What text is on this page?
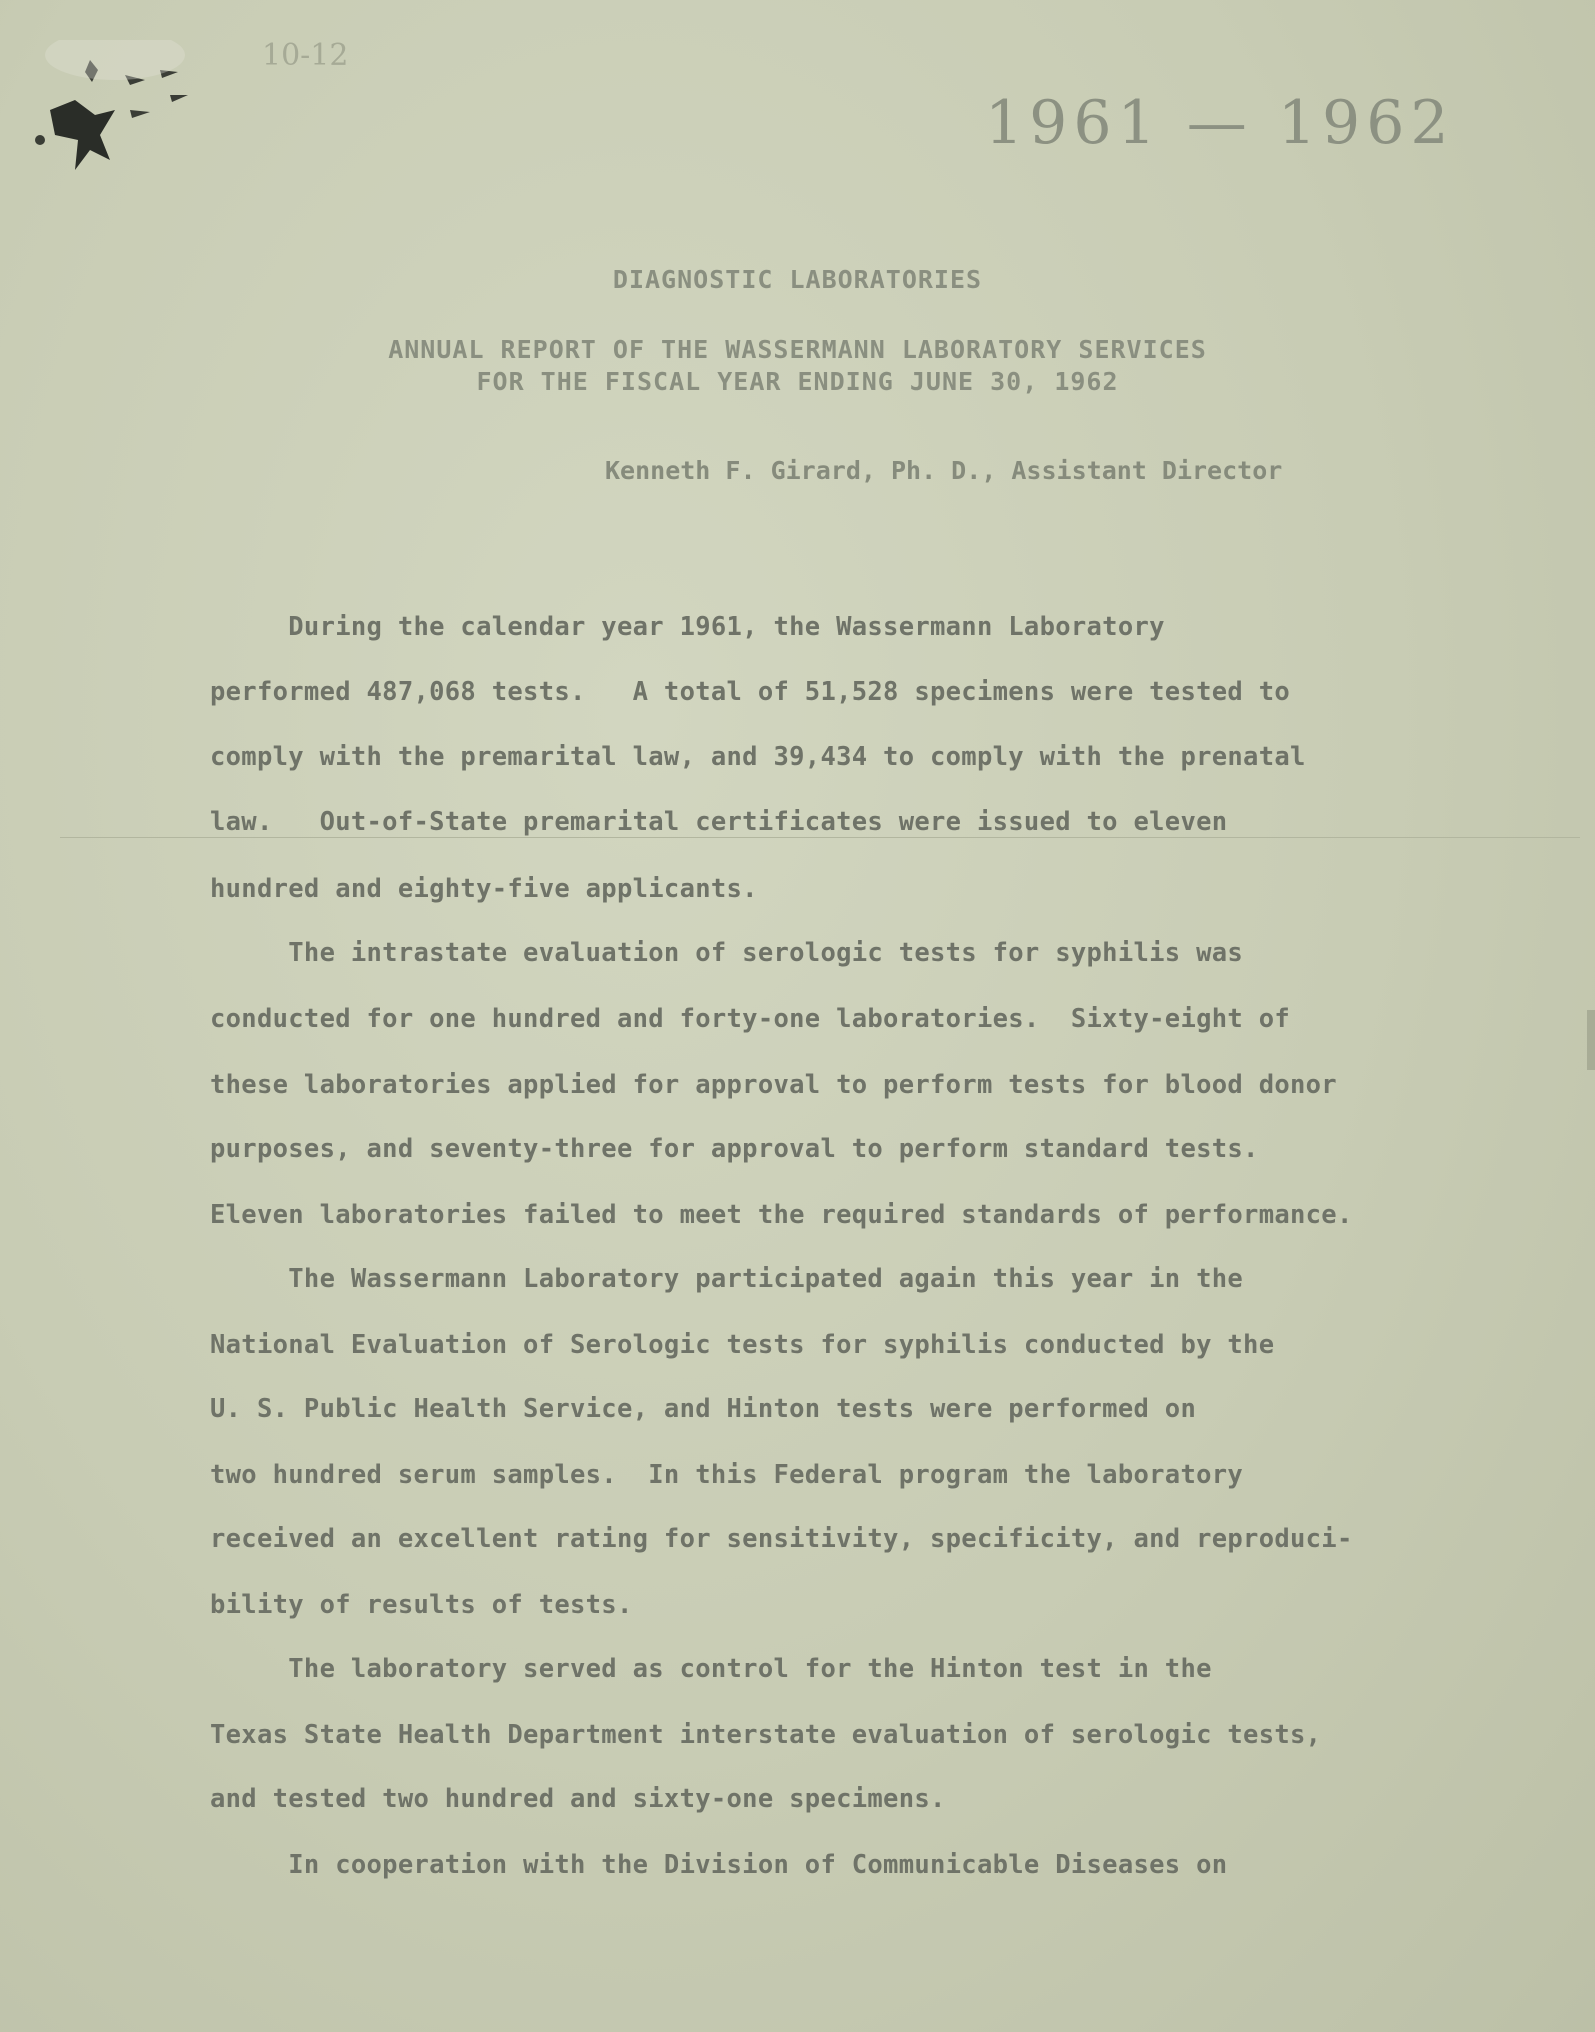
10-12
1961 — 1962
DIAGNOSTIC LABORATORIES
ANNUAL REPORT OF THE WASSERMANN LABORATORY SERVICES
FOR THE FISCAL YEAR ENDING JUNE 30, 1962
Kenneth F. Girard, Ph. D., Assistant Director
During the calendar year 1961, the Wassermann Laboratory
performed 487,068 tests.   A total of 51,528 specimens were tested to
comply with the premarital law, and 39,434 to comply with the prenatal
law.   Out-of-State premarital certificates were issued to eleven
hundred and eighty-five applicants.
The intrastate evaluation of serologic tests for syphilis was
conducted for one hundred and forty-one laboratories.  Sixty-eight of
these laboratories applied for approval to perform tests for blood donor
purposes, and seventy-three for approval to perform standard tests.
Eleven laboratories failed to meet the required standards of performance.
The Wassermann Laboratory participated again this year in the
National Evaluation of Serologic tests for syphilis conducted by the
U. S. Public Health Service, and Hinton tests were performed on
two hundred serum samples.  In this Federal program the laboratory
received an excellent rating for sensitivity, specificity, and reproduci-
bility of results of tests.
The laboratory served as control for the Hinton test in the
Texas State Health Department interstate evaluation of serologic tests,
and tested two hundred and sixty-one specimens.
In cooperation with the Division of Communicable Diseases on
